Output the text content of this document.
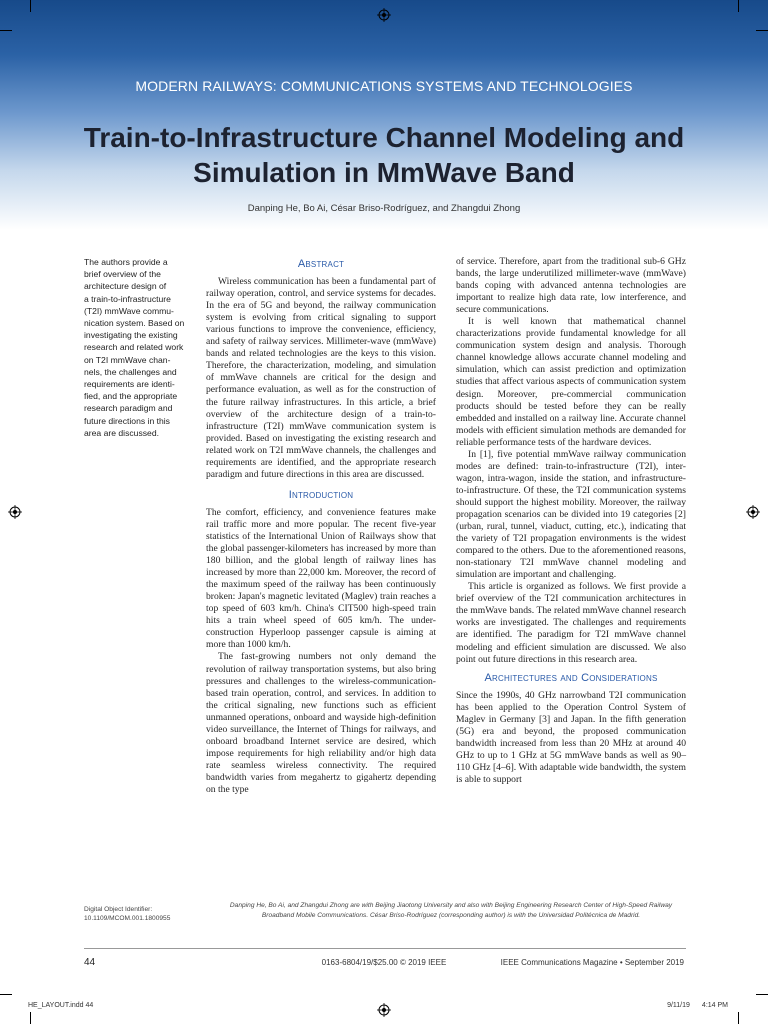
MODERN RAILWAYS: COMMUNICATIONS SYSTEMS AND TECHNOLOGIES
Train-to-Infrastructure Channel Modeling and
Simulation in MmWave Band
Danping He, Bo Ai, César Briso-Rodríguez, and Zhangdui Zhong

The authors provide a
brief overview of the
architecture design of
a train-to-infrastructure
(T2I) mmWave commu-
nication system. Based on
investigating the existing
research and related work
on T2I mmWave chan-
nels, the challenges and
requirements are identi-
fied, and the appropriate
research paradigm and
future directions in this
area are discussed.

Abstract

Wireless communication has been a fundamental part of railway operation, control, and service systems for decades. In the era of 5G and beyond, the railway communication system is evolving from critical signaling to support various functions to improve the convenience, efficiency, and safety of railway services. Millimeter-wave (mmWave) bands and related technologies are the keys to this vision. Therefore, the characterization, modeling, and simulation of mmWave channels are critical for the design and performance evaluation, as well as for the construction of the future railway infrastructures. In this article, a brief overview of the architecture design of a train-to-infrastructure (T2I) mmWave communication system is provided. Based on investigating the existing research and related work on T2I mmWave channels, the challenges and requirements are identified, and the appropriate research paradigm and future directions in this area are discussed.

Introduction

The comfort, efficiency, and convenience features make rail traffic more and more popular. The recent five-year statistics of the International Union of Railways show that the global passenger-kilometers has increased by more than 180 billion, and the global length of railway lines has increased by more than 22,000 km. Moreover, the record of the maximum speed of the railway has been continuously broken: Japan's magnetic levitated (Maglev) train reaches a top speed of 603 km/h. China's CIT500 high-speed train hits a train wheel speed of 605 km/h. The under-construction Hyperloop passenger capsule is aiming at more than 1000 km/h.

The fast-growing numbers not only demand the revolution of railway transportation systems, but also bring pressures and challenges to the wireless-communication-based train operation, control, and services. In addition to the critical signaling, new functions such as efficient unmanned operations, onboard and wayside high-definition video surveillance, the Internet of Things for railways, and onboard broadband Internet service are desired, which impose requirements for high reliability and/or high data rate seamless wireless connectivity. The required bandwidth varies from megahertz to gigahertz depending on the type

of service. Therefore, apart from the traditional sub-6 GHz bands, the large underutilized millimeter-wave (mmWave) bands coping with advanced antenna technologies are important to realize high data rate, low interference, and secure communications.

It is well known that mathematical channel characterizations provide fundamental knowledge for all communication system design and analysis. Thorough channel knowledge allows accurate channel modeling and simulation, which can assist prediction and optimization studies that affect various aspects of communication system design. Moreover, pre-commercial communication products should be tested before they can be really embedded and installed on a railway line. Accurate channel models with efficient simulation methods are demanded for reliable performance tests of the hardware devices.

In [1], five potential mmWave railway communication modes are defined: train-to-infrastructure (T2I), inter-wagon, intra-wagon, inside the station, and infrastructure-to-infrastructure. Of these, the T2I communication systems should support the highest mobility. Moreover, the railway propagation scenarios can be divided into 19 categories [2] (urban, rural, tunnel, viaduct, cutting, etc.), indicating that the variety of T2I propagation environments is the widest compared to the others. Due to the aforementioned reasons, non-stationary T2I mmWave channel modeling and simulation are important and challenging.

This article is organized as follows. We first provide a brief overview of the T2I communication architectures in the mmWave bands. The related mmWave channel research works are investigated. The challenges and requirements are identified. The paradigm for T2I mmWave channel modeling and efficient simulation are discussed. We also point out future directions in this research area.

Architectures and Considerations

Since the 1990s, 40 GHz narrowband T2I communication has been applied to the Operation Control System of Maglev in Germany [3] and Japan. In the fifth generation (5G) era and beyond, the proposed communication bandwidth increased from less than 20 MHz at around 40 GHz to up to 1 GHz at 5G mmWave bands as well as 90–110 GHz [4–6]. With adaptable wide bandwidth, the system is able to support

Digital Object Identifier:
10.1109/MCOM.001.1800955
Danping He, Bo Ai, and Zhangdui Zhong are with Beijing Jiaotong University and also with Beijing Engineering Research Center of High-Speed Railway Broadband Mobile Communications. César Briso-Rodríguez (corresponding author) is with the Universidad Politécnica de Madrid.
44	0163-6804/19/$25.00 © 2019 IEEE	IEEE Communications Magazine • September 2019
HE_LAYOUT.indd 44	9/11/19 4:14 PM
